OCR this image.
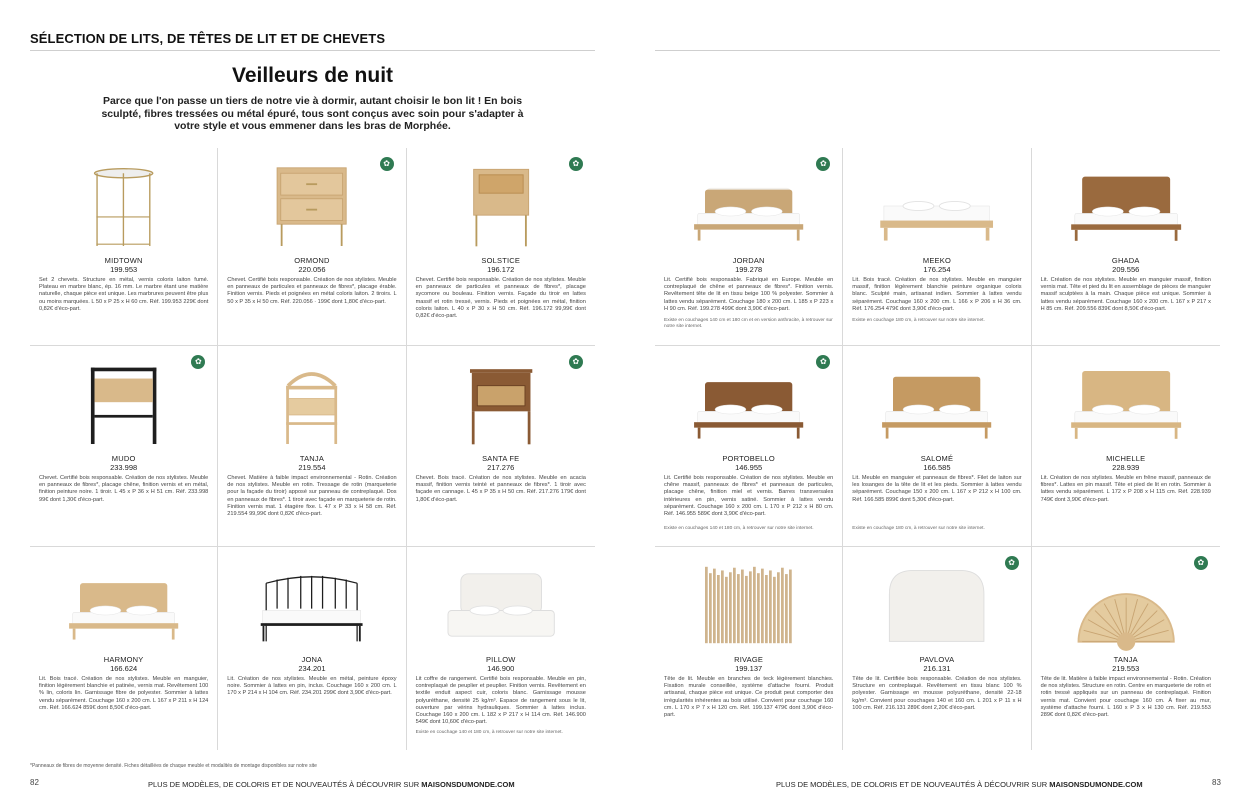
SÉLECTION DE LITS, DE TÊTES DE LIT ET DE CHEVETS
Veilleurs de nuit
Parce que l'on passe un tiers de notre vie à dormir, autant choisir le bon lit ! En bois sculpté, fibres tressées ou métal épuré, tous sont conçus avec soin pour s'adapter à votre style et vous emmener dans les bras de Morphée.
MIDTOWN
199.953
Set 2 chevets. Structure en métal, vernis coloris laiton fumé. Plateau en marbre blanc, ép. 16 mm. Le marbre étant une matière naturelle, chaque pièce est unique. Les marbrures peuvent être plus ou moins marquées. L 50 x P 25 x H 60 cm. Réf. 199.953 229€ dont 0,82€ d'éco-part.
✿
ORMOND
220.056
Chevet. Certifié bois responsable. Création de nos stylistes. Meuble en panneaux de particules et panneaux de fibres*, placage érable. Finition vernis. Pieds et poignées en métal coloris laiton. 2 tiroirs. L 50 x P 35 x H 50 cm. Réf. 220.056 · 199€ dont 1,80€ d'éco-part.
✿
SOLSTICE
196.172
Chevet. Certifié bois responsable. Création de nos stylistes. Meuble en panneaux de particules et panneaux de fibres*, placage sycomore ou bouleau. Finition vernis. Façade du tiroir en lattes massif et rotin tressé, vernis. Pieds et poignées en métal, finition coloris laiton. L 40 x P 30 x H 50 cm. Réf. 196.172 99,99€ dont 0,82€ d'éco-part.
✿
MUDO
233.998
Chevet. Certifié bois responsable. Création de nos stylistes. Meuble en panneaux de fibres*, placage chêne, finition vernis et en métal, finition peinture noire. 1 tiroir. L 45 x P 36 x H 51 cm. Réf. 233.998 99€ dont 1,30€ d'éco-part.
TANJA
219.554
Chevet. Matière à faible impact environnemental - Rotin. Création de nos stylistes. Meuble en rotin. Tressage de rotin (marqueterie pour la façade du tiroir) apposé sur panneau de contreplaqué. Dos en panneaux de fibres*. 1 tiroir avec façade en marqueterie de rotin. Finition vernis mat. 1 étagère fixe. L 47 x P 33 x H 58 cm. Réf. 219.554 99,99€ dont 0,82€ d'éco-part.
✿
SANTA FE
217.276
Chevet. Bois tracé. Création de nos stylistes. Meuble en acacia massif, finition vernis teinté et panneaux de fibres*. 1 tiroir avec façade en cannage. L 45 x P 35 x H 50 cm. Réf. 217.276 179€ dont 1,80€ d'éco-part.
HARMONY
166.624
Lit. Bois tracé. Création de nos stylistes. Meuble en manguier, finition légèrement blanchie et patinée, vernis mat. Revêtement 100 % lin, coloris lin. Garnissage fibre de polyester. Sommier à lattes vendu séparément. Couchage 160 x 200 cm. L 167 x P 211 x H 124 cm. Réf. 166.624 859€ dont 8,50€ d'éco-part.
JONA
234.201
Lit. Création de nos stylistes. Meuble en métal, peinture époxy noire. Sommier à lattes en pin, inclus. Couchage 160 x 200 cm. L 170 x P 214 x H 104 cm. Réf. 234.201 299€ dont 3,90€ d'éco-part.
PILLOW
146.900
Lit coffre de rangement. Certifié bois responsable. Meuble en pin, contreplaqué de peuplier et peuplier. Finition vernis. Revêtement en textile enduit aspect cuir, coloris blanc. Garnissage mousse polyuréthane, densité 25 kg/m³. Espace de rangement sous le lit, ouverture par vérins hydrauliques. Sommier à lattes inclus. Couchage 160 x 200 cm. L 182 x P 217 x H 114 cm. Réf. 146.900 549€ dont 10,60€ d'éco-part.
Existe en couchage 140 et 180 cm, à retrouver sur notre site internet.
*Panneaux de fibres de moyenne densité. Fiches détaillées de chaque meuble et modalités de montage disponibles sur notre site
82	PLUS DE MODÈLES, DE COLORIS ET DE NOUVEAUTÉS À DÉCOUVRIR SUR MAISONSDUMONDE.COM
✿
JORDAN
199.278
Lit. Certifié bois responsable. Fabriqué en Europe. Meuble en contreplaqué de chêne et panneaux de fibres*. Finition vernis. Revêtement tête de lit en tissu beige 100 % polyester. Sommier à lattes vendu séparément. Couchage 180 x 200 cm. L 185 x P 223 x H 90 cm. Réf. 199.278 499€ dont 3,90€ d'éco-part.
Existe en couchages 140 cm et 180 cm et en version anthracite, à retrouver sur notre site internet.
MEEKO
176.254
Lit. Bois tracé. Création de nos stylistes. Meuble en manguier massif, finition légèrement blanchie peinture organique coloris blanc. Sculpté main, artisanat indien. Sommier à lattes vendu séparément. Couchage 160 x 200 cm. L 166 x P 206 x H 36 cm. Réf. 176.254 479€ dont 3,90€ d'éco-part.
Existe en couchage 180 cm, à retrouver sur notre site internet.
GHADA
209.556
Lit. Création de nos stylistes. Meuble en manguier massif, finition vernis mat. Tête et pied du lit en assemblage de pièces de manguier massif sculptées à la main. Chaque pièce est unique. Sommier à lattes vendu séparément. Couchage 160 x 200 cm. L 167 x P 217 x H 85 cm. Réf. 209.556 839€ dont 8,50€ d'éco-part.
✿
PORTOBELLO
146.955
Lit. Certifié bois responsable. Création de nos stylistes. Meuble en chêne massif, panneaux de fibres* et panneaux de particules, placage chêne, finition miel et vernis. Barres transversales intérieures en pin, vernis satiné. Sommier à lattes vendu séparément. Couchage 160 x 200 cm. L 170 x P 212 x H 80 cm. Réf. 146.955 589€ dont 3,90€ d'éco-part.
Existe en couchages 140 et 180 cm, à retrouver sur notre site internet.
SALOMÉ
166.585
Lit. Meuble en manguier et panneaux de fibres*. Filet de laiton sur les losanges de la tête de lit et les pieds. Sommier à lattes vendu séparément. Couchage 150 x 200 cm. L 167 x P 212 x H 100 cm. Réf. 166.585 899€ dont 5,30€ d'éco-part.
Existe en couchage 180 cm, à retrouver sur notre site internet.
MICHELLE
228.939
Lit. Création de nos stylistes. Meuble en frêne massif, panneaux de fibres*. Lattes en pin massif. Tête et pied de lit en rotin. Sommier à lattes vendu séparément. L 172 x P 208 x H 115 cm. Réf. 228.939 749€ dont 3,90€ d'éco-part.
RIVAGE
199.137
Tête de lit. Meuble en branches de teck légèrement blanchies. Fixation murale conseillée, système d'attache fourni. Produit artisanal, chaque pièce est unique. Ce produit peut comporter des irrégularités inhérentes au bois utilisé. Convient pour couchage 160 cm. L 170 x P 7 x H 120 cm. Réf. 199.137 479€ dont 3,90€ d'éco-part.
✿
PAVLOVA
216.131
Tête de lit. Certifiée bois responsable. Création de nos stylistes. Structure en contreplaqué. Revêtement en tissu blanc 100 % polyester. Garnissage en mousse polyuréthane, densité 22-18 kg/m³. Convient pour couchages 140 et 160 cm. L 201 x P 11 x H 100 cm. Réf. 216.131 289€ dont 2,20€ d'éco-part.
✿
TANJA
219.553
Tête de lit. Matière à faible impact environnemental - Rotin. Création de nos stylistes. Structure en rotin. Centre en marqueterie de rotin et rotin tressé appliqués sur un panneau de contreplaqué. Finition vernis mat. Convient pour couchage 160 cm. À fixer au mur, système d'attache fourni. L 160 x P 3 x H 130 cm. Réf. 219.553 289€ dont 0,82€ d'éco-part.
PLUS DE MODÈLES, DE COLORIS ET DE NOUVEAUTÉS À DÉCOUVRIR SUR MAISONSDUMONDE.COM	83
